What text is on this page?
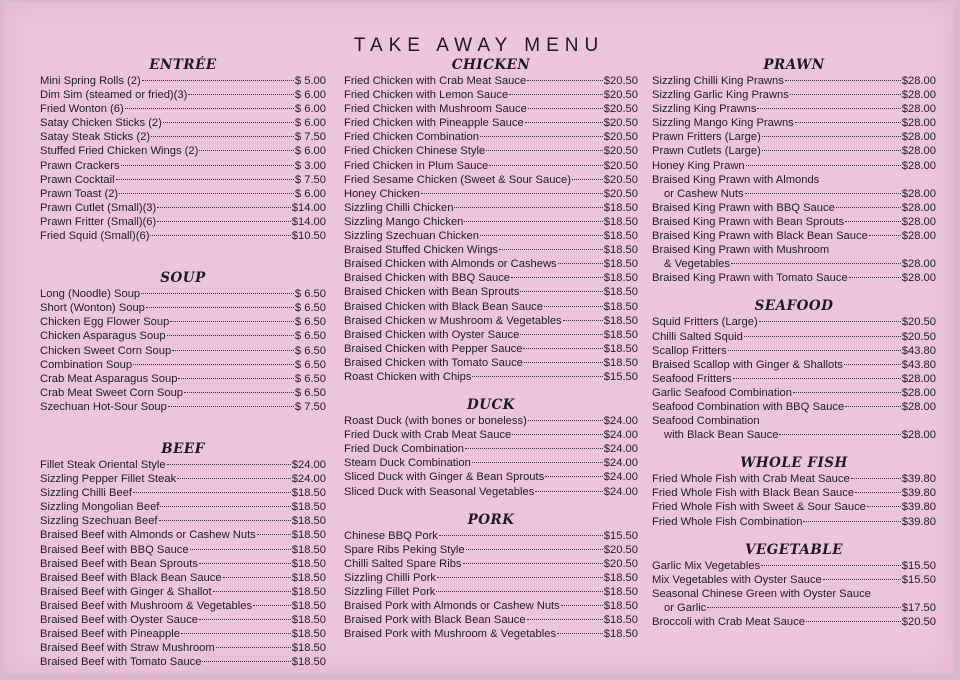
TAKE AWAY MENU
ENTRÉE
Mini Spring Rolls (2)	$ 5.00
Dim Sim (steamed or fried)(3)	$ 6.00
Fried Wonton (6)	$ 6.00
Satay Chicken Sticks (2)	$ 6.00
Satay Steak Sticks (2)	$ 7.50
Stuffed Fried Chicken Wings (2)	$ 6.00
Prawn Crackers	$ 3.00
Prawn Cocktail	$ 7.50
Prawn Toast (2)	$ 6.00
Prawn Cutlet (Small)(3)	$14.00
Prawn Fritter (Small)(6)	$14.00
Fried Squid (Small)(6)	$10.50
SOUP
Long (Noodle) Soup	$ 6.50
Short (Wonton) Soup	$ 6.50
Chicken Egg Flower Soup	$ 6.50
Chicken Asparagus Soup	$ 6.50
Chicken Sweet Corn Soup	$ 6.50
Combination Soup	$ 6.50
Crab Meat Asparagus Soup	$ 6.50
Crab Meat Sweet Corn Soup	$ 6.50
Szechuan Hot-Sour Soup	$ 7.50
BEEF
Fillet Steak Oriental Style	$24.00
Sizzling Pepper Fillet Steak	$24.00
Sizzling Chilli Beef	$18.50
Sizzling Mongolian Beef	$18.50
Sizzling Szechuan Beef	$18.50
Braised Beef with Almonds or Cashew Nuts	$18.50
Braised Beef with BBQ Sauce	$18.50
Braised Beef with Bean Sprouts	$18.50
Braised Beef with Black Bean Sauce	$18.50
Braised Beef with Ginger & Shallot	$18.50
Braised Beef with Mushroom & Vegetables	$18.50
Braised Beef with Oyster Sauce	$18.50
Braised Beef with Pineapple	$18.50
Braised Beef with Straw Mushroom	$18.50
Braised Beef with Tomato Sauce	$18.50
CHICKEN
Fried Chicken with Crab Meat Sauce	$20.50
Fried Chicken with Lemon Sauce	$20.50
Fried Chicken with Mushroom Sauce	$20.50
Fried Chicken with Pineapple Sauce	$20.50
Fried Chicken Combination	$20.50
Fried Chicken Chinese Style	$20.50
Fried Chicken in Plum Sauce	$20.50
Fried Sesame Chicken (Sweet & Sour Sauce)	$20.50
Honey Chicken	$20.50
Sizzling Chilli Chicken	$18.50
Sizzling Mango Chicken	$18.50
Sizzling Szechuan Chicken	$18.50
Braised Stuffed Chicken Wings	$18.50
Braised Chicken with Almonds or Cashews	$18.50
Braised Chicken with BBQ Sauce	$18.50
Braised Chicken with Bean Sprouts	$18.50
Braised Chicken with Black Bean Sauce	$18.50
Braised Chicken w Mushroom & Vegetables	$18.50
Braised Chicken with Oyster Sauce	$18.50
Braised Chicken with Pepper Sauce	$18.50
Braised Chicken with Tomato Sauce	$18.50
Roast Chicken with Chips	$15.50
DUCK
Roast Duck (with bones or boneless)	$24.00
Fried Duck with Crab Meat Sauce	$24.00
Fried Duck Combination	$24.00
Steam Duck Combination	$24.00
Sliced Duck with Ginger & Bean Sprouts	$24.00
Sliced Duck with Seasonal Vegetables	$24.00
PORK
Chinese BBQ Pork	$15.50
Spare Ribs Peking Style	$20.50
Chilli Salted Spare Ribs	$20.50
Sizzling Chilli Pork	$18.50
Sizzling Fillet Pork	$18.50
Braised Pork with Almonds or Cashew Nuts	$18.50
Braised Pork with Black Bean Sauce	$18.50
Braised Pork with Mushroom & Vegetables	$18.50
PRAWN
Sizzling Chilli King Prawns	$28.00
Sizzling Garlic King Prawns	$28.00
Sizzling King Prawns	$28.00
Sizzling Mango King Prawns	$28.00
Prawn Fritters (Large)	$28.00
Prawn Cutlets (Large)	$28.00
Honey King Prawn	$28.00
Braised King Prawn with Almonds
or Cashew Nuts	$28.00
Braised King Prawn with BBQ Sauce	$28.00
Braised King Prawn with Bean Sprouts	$28.00
Braised King Prawn with Black Bean Sauce	$28.00
Braised King Prawn with Mushroom
& Vegetables	$28.00
Braised King Prawn with Tomato Sauce	$28.00
SEAFOOD
Squid Fritters (Large)	$20.50
Chilli Salted Squid	$20.50
Scallop Fritters	$43.80
Braised Scallop with Ginger & Shallots	$43.80
Seafood Fritters	$28.00
Garlic Seafood Combination	$28.00
Seafood Combination with BBQ Sauce	$28.00
Seafood Combination
with Black Bean Sauce	$28.00
WHOLE FISH
Fried Whole Fish with Crab Meat Sauce	$39.80
Fried Whole Fish with Black Bean Sauce	$39.80
Fried Whole Fish with Sweet & Sour Sauce	$39.80
Fried Whole Fish Combination	$39.80
VEGETABLE
Garlic Mix Vegetables	$15.50
Mix Vegetables with Oyster Sauce	$15.50
Seasonal Chinese Green with Oyster Sauce
or Garlic	$17.50
Broccoli with Crab Meat Sauce	$20.50
